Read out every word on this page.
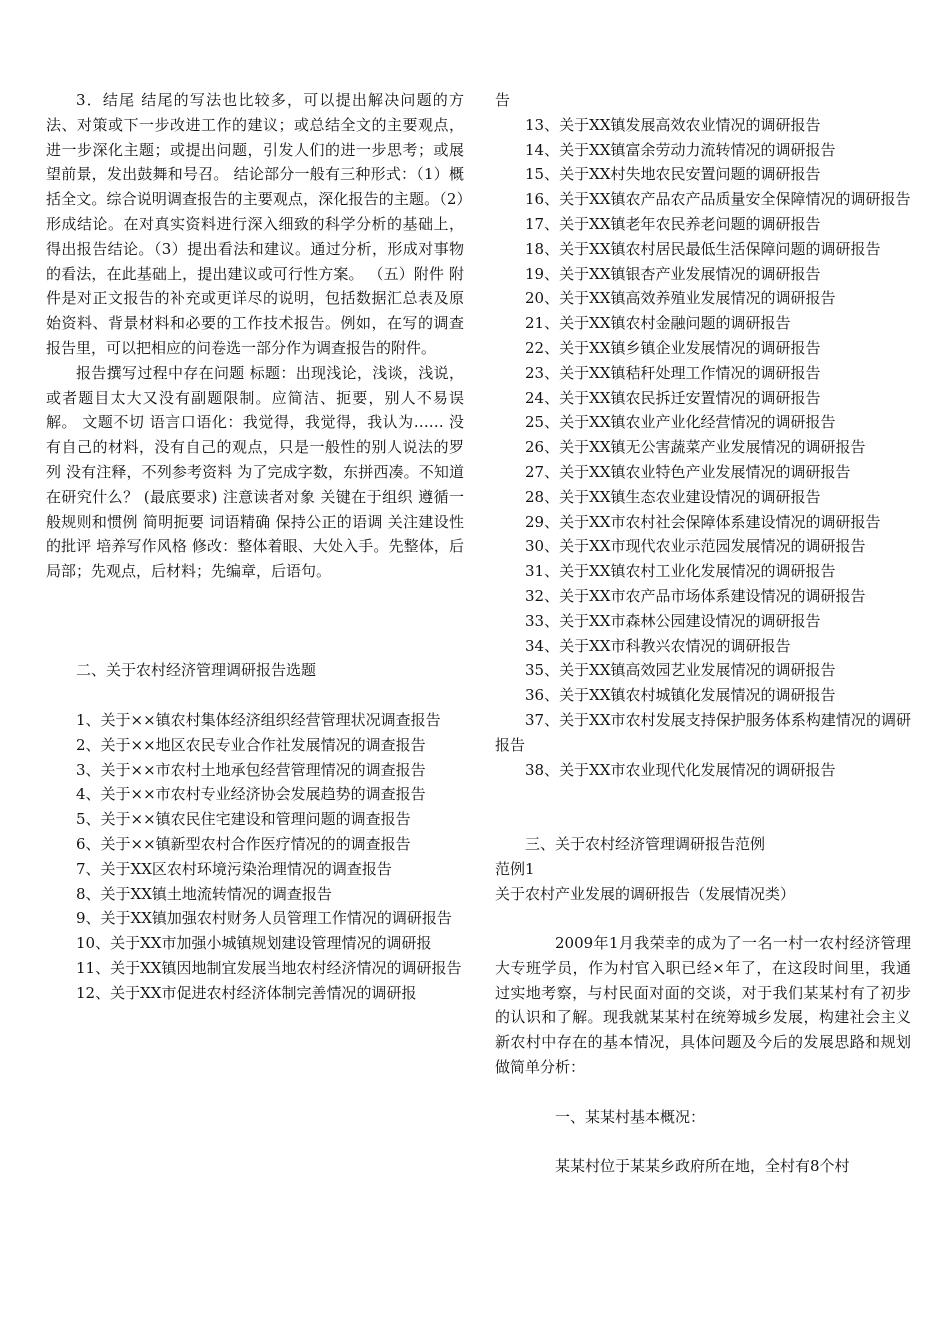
3．结尾 结尾的写法也比较多，可以提出解决问题的方法、对策或下一步改进工作的建议；或总结全文的主要观点，进一步深化主题；或提出问题，引发人们的进一步思考；或展望前景，发出鼓舞和号召。 结论部分一般有三种形式：（1）概括全文。综合说明调查报告的主要观点，深化报告的主题。（2）形成结论。在对真实资料进行深入细致的科学分析的基础上，得出报告结论。（3）提出看法和建议。通过分析，形成对事物的看法，在此基础上，提出建议或可行性方案。 （五）附件 附件是对正文报告的补充或更详尽的说明，包括数据汇总表及原始资料、背景材料和必要的工作技术报告。例如，在写的调查报告里，可以把相应的问卷选一部分作为调查报告的附件。

报告撰写过程中存在问题 标题：出现浅论，浅谈，浅说，或者题目太大又没有副题限制。应简洁、扼要，别人不易误解。 文题不切 语言口语化：我觉得，我觉得，我认为…… 没有自己的材料，没有自己的观点，只是一般性的别人说法的罗列 没有注释，不列参考资料 为了完成字数，东拼西凑。不知道在研究什么？ (最底要求) 注意读者对象 关键在于组织 遵循一般规则和惯例 简明扼要 词语精确 保持公正的语调 关注建设性的批评 培养写作风格 修改：整体着眼、大处入手。先整体，后局部；先观点，后材料；先编章，后语句。

二、关于农村经济管理调研报告选题

1、关于××镇农村集体经济组织经营管理状况调查报告

2、关于××地区农民专业合作社发展情况的调查报告

3、关于××市农村土地承包经营管理情况的调查报告

4、关于××市农村专业经济协会发展趋势的调查报告

5、关于××镇农民住宅建设和管理问题的调查报告

6、关于××镇新型农村合作医疗情况的的调查报告

7、关于XX区农村环境污染治理情况的调查报告

8、关于XX镇土地流转情况的调查报告

9、关于XX镇加强农村财务人员管理工作情况的调研报告

10、关于XX市加强小城镇规划建设管理情况的调研报

11、关于XX镇因地制宜发展当地农村经济情况的调研报告

12、关于XX市促进农村经济体制完善情况的调研报

告

13、关于XX镇发展高效农业情况的调研报告

14、关于XX镇富余劳动力流转情况的调研报告

15、关于XX村失地农民安置问题的调研报告

16、关于XX镇农产品农产品质量安全保障情况的调研报告

17、关于XX镇老年农民养老问题的调研报告

18、关于XX镇农村居民最低生活保障问题的调研报告

19、关于XX镇银杏产业发展情况的调研报告

20、关于XX镇高效养殖业发展情况的调研报告

21、关于XX镇农村金融问题的调研报告

22、关于XX镇乡镇企业发展情况的调研报告

23、关于XX镇秸秆处理工作情况的调研报告

24、关于XX镇农民拆迁安置情况的调研报告

25、关于XX镇农业产业化经营情况的调研报告

26、关于XX镇无公害蔬菜产业发展情况的调研报告

27、关于XX镇农业特色产业发展情况的调研报告

28、关于XX镇生态农业建设情况的调研报告

29、关于XX市农村社会保障体系建设情况的调研报告

30、关于XX市现代农业示范园发展情况的调研报告

31、关于XX镇农村工业化发展情况的调研报告

32、关于XX市农产品市场体系建设情况的调研报告

33、关于XX市森林公园建设情况的调研报告

34、关于XX市科教兴农情况的调研报告

35、关于XX镇高效园艺业发展情况的调研报告

36、关于XX镇农村城镇化发展情况的调研报告

37、关于XX市农村发展支持保护服务体系构建情况的调研报告

38、关于XX市农业现代化发展情况的调研报告

三、关于农村经济管理调研报告范例

范例1

关于农村产业发展的调研报告（发展情况类）

2009年1月我荣幸的成为了一名一村一农村经济管理大专班学员，作为村官入职已经×年了，在这段时间里，我通过实地考察，与村民面对面的交谈，对于我们某某村有了初步的认识和了解。现我就某某村在统筹城乡发展，构建社会主义新农村中存在的基本情况，具体问题及今后的发展思路和规划做简单分析：

一、某某村基本概况：

某某村位于某某乡政府所在地，全村有8个村
